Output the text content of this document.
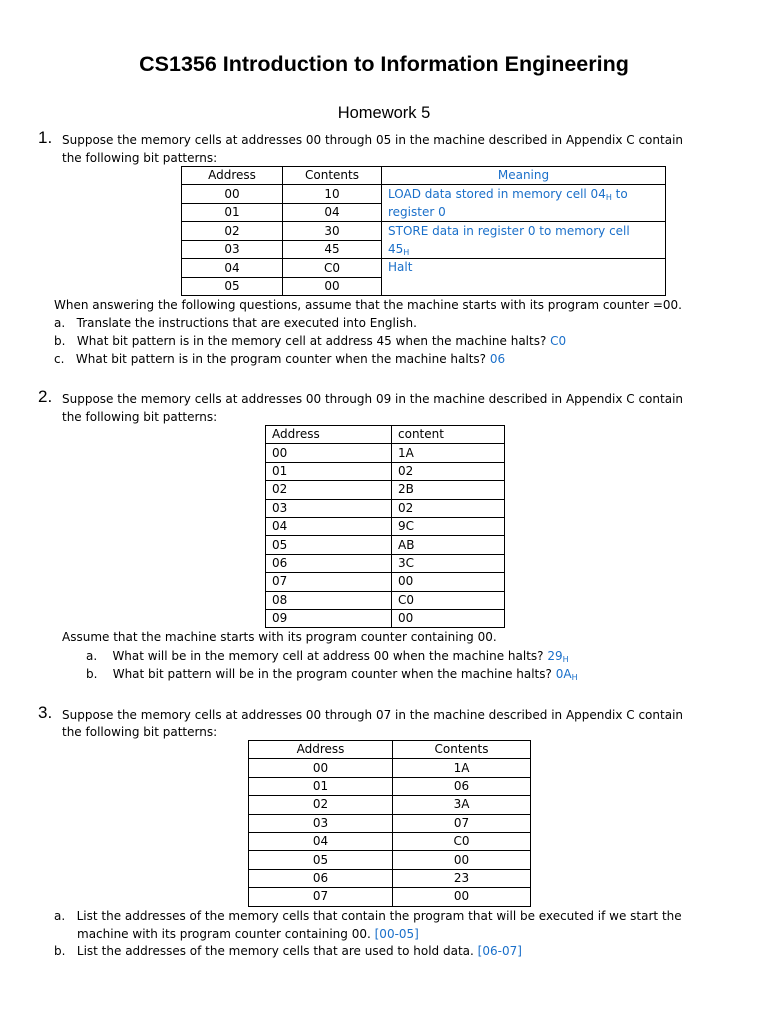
CS1356 Introduction to Information Engineering
Homework 5
1. Suppose the memory cells at addresses 00 through 05 in the machine described in Appendix C contain
the following bit patterns:
Address	Contents	Meaning
00	10	LOAD data stored in memory cell $04_H$ to
register 0
01	04	
02	30	STORE data in register 0 to memory cell
$45_H$
03	45	
04	C0	Halt
05	00	
When answering the following questions, assume that the machine starts with its program counter =00.
a. Translate the instructions that are executed into English.
b. What bit pattern is in the memory cell at address 45 when the machine halts? C0
c. What bit pattern is in the program counter when the machine halts? 06
2. Suppose the memory cells at addresses 00 through 09 in the machine described in Appendix C contain
the following bit patterns:
Address	content
00	1A
01	02
02	2B
03	02
04	9C
05	AB
06	3C
07	00
08	C0
09	00
Assume that the machine starts with its program counter containing 00.
a. What will be in the memory cell at address 00 when the machine halts? $29_H$
b. What bit pattern will be in the program counter when the machine halts? $0A_H$
3. Suppose the memory cells at addresses 00 through 07 in the machine described in Appendix C contain
the following bit patterns:
Address	Contents
00	1A
01	06
02	3A
03	07
04	C0
05	00
06	23
07	00
a. List the addresses of the memory cells that contain the program that will be executed if we start the
machine with its program counter containing 00. [00-05]
b. List the addresses of the memory cells that are used to hold data. [06-07]
